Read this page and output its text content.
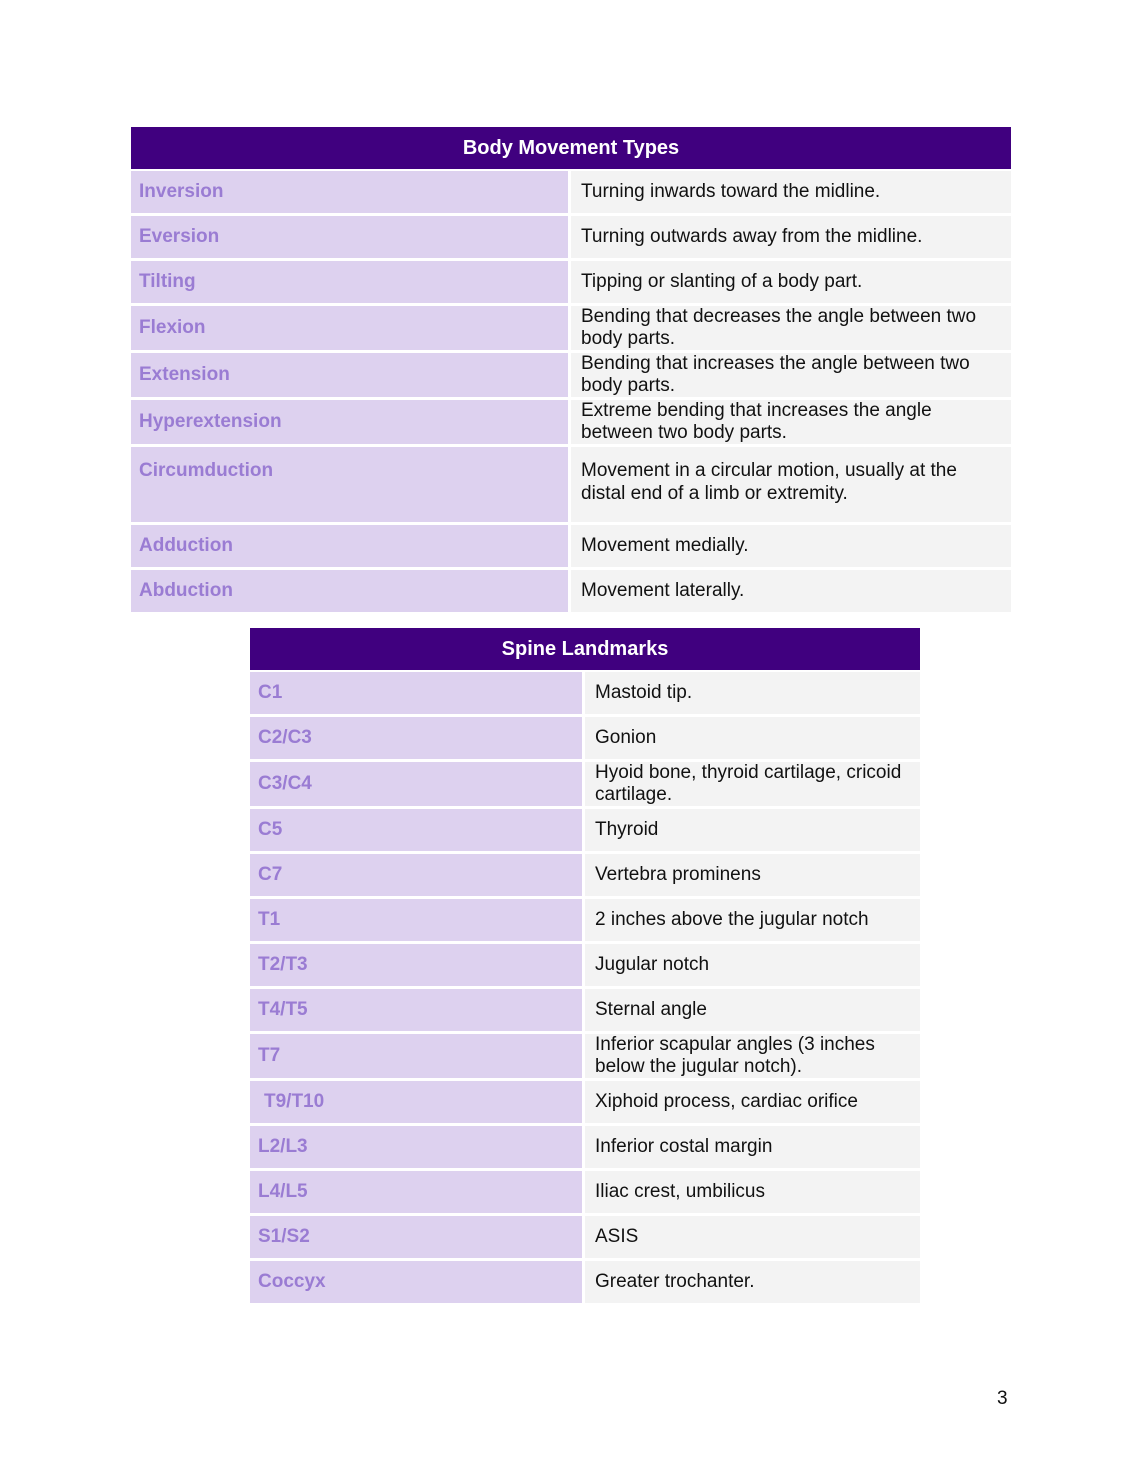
Body Movement Types	
Inversion	Turning inwards toward the midline.
Eversion	Turning outwards away from the midline.
Tilting	Tipping or slanting of a body part.
Flexion	Bending that decreases the angle between two body parts.
Extension	Bending that increases the angle between two body parts.
Hyperextension	Extreme bending that increases the angle between two body parts.
Circumduction	Movement in a circular motion, usually at the distal end of a limb or extremity.
Adduction	Movement medially.
Abduction	Movement laterally.
Spine Landmarks	
C1	Mastoid tip.
C2/C3	Gonion
C3/C4	Hyoid bone, thyroid cartilage, cricoid cartilage.
C5	Thyroid
C7	Vertebra prominens
T1	2 inches above the jugular notch
T2/T3	Jugular notch
T4/T5	Sternal angle
T7	Inferior scapular angles (3 inches below the jugular notch).
T9/T10	Xiphoid process, cardiac orifice
L2/L3	Inferior costal margin
L4/L5	Iliac crest, umbilicus
S1/S2	ASIS
Coccyx	Greater trochanter.
3
